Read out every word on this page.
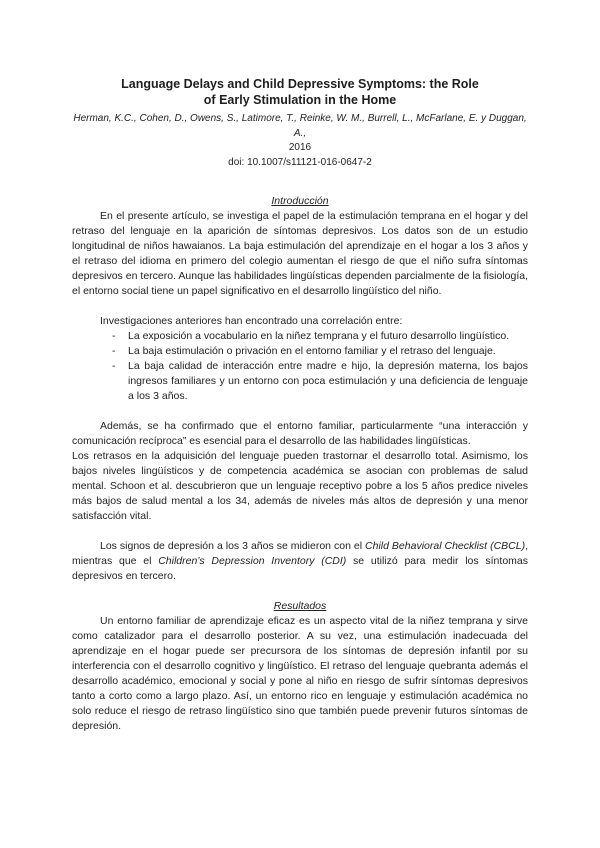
Language Delays and Child Depressive Symptoms: the Role
of Early Stimulation in the Home

Herman, K.C., Cohen, D., Owens, S., Latimore, T., Reinke, W. M., Burrell, L., McFarlane, E. y Duggan, A.,

2016

doi: 10.1007/s11121-016-0647-2

Introducción

En el presente artículo, se investiga el papel de la estimulación temprana en el hogar y del retraso del lenguaje en la aparición de síntomas depresivos. Los datos son de un estudio longitudinal de niños hawaianos. La baja estimulación del aprendizaje en el hogar a los 3 años y el retraso del idioma en primero del colegio aumentan el riesgo de que el niño sufra síntomas depresivos en tercero. Aunque las habilidades lingüísticas dependen parcialmente de la fisiología, el entorno social tiene un papel significativo en el desarrollo lingüístico del niño.

Investigaciones anteriores han encontrado una correlación entre:

- La exposición a vocabulario en la niñez temprana y el futuro desarrollo lingüístico.
- La baja estimulación o privación en el entorno familiar y el retraso del lenguaje.
- La baja calidad de interacción entre madre e hijo, la depresión materna, los bajos ingresos familiares y un entorno con poca estimulación y una deficiencia de lenguaje a los 3 años.

Además, se ha confirmado que el entorno familiar, particularmente “una interacción y comunicación recíproca” es esencial para el desarrollo de las habilidades lingüísticas.

Los retrasos en la adquisición del lenguaje pueden trastornar el desarrollo total. Asimismo, los bajos niveles lingüísticos y de competencia académica se asocian con problemas de salud mental. Schoon et al. descubrieron que un lenguaje receptivo pobre a los 5 años predice niveles más bajos de salud mental a los 34, además de niveles más altos de depresión y una menor satisfacción vital.

Los signos de depresión a los 3 años se midieron con el Child Behavioral Checklist (CBCL), mientras que el Children’s Depression Inventory (CDI) se utilizó para medir los síntomas depresivos en tercero.

Resultados

Un entorno familiar de aprendizaje eficaz es un aspecto vital de la niñez temprana y sirve como catalizador para el desarrollo posterior. A su vez, una estimulación inadecuada del aprendizaje en el hogar puede ser precursora de los síntomas de depresión infantil por su interferencia con el desarrollo cognitivo y lingüístico. El retraso del lenguaje quebranta además el desarrollo académico, emocional y social y pone al niño en riesgo de sufrir síntomas depresivos tanto a corto como a largo plazo. Así, un entorno rico en lenguaje y estimulación académica no solo reduce el riesgo de retraso lingüístico sino que también puede prevenir futuros síntomas de depresión.
